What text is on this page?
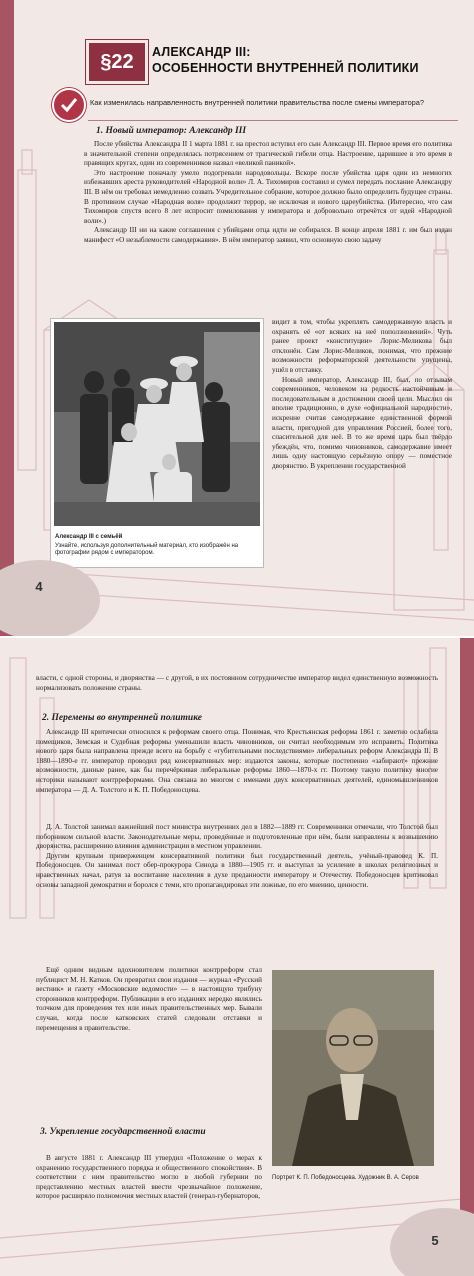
§22	АЛЕКСАНДР III:
ОСОБЕННОСТИ ВНУТРЕННЕЙ ПОЛИТИКИ
Как изменилась направленность внутренней политики правительства после смены императора?
1. Новый император: Александр III

После убийства Александра II 1 марта 1881 г. на престол вступил его сын Александр III. Первое время его политика в значительной степени определялась потрясением от трагической гибели отца. Настроение, царившее в это время в правящих кругах, один из современников назвал «великой паникой».

Это настроение поначалу умело подогревали народовольцы. Вскоре после убийства царя один из немногих избежавших ареста руководителей «Народной воли» Л. А. Тихомиров составил и сумел передать послание Александру III. В нём он требовал немедленно созвать Учредительное собрание, которое должно было определить будущее страны. В противном случае «Народная воля» продолжит террор, не исключая и нового цареубийства. (Интересно, что сам Тихомиров спустя всего 8 лет испросит помилования у императора и добровольно отречётся от идей «Народной воли».)

Александр III ни на какие соглашения с убийцами отца идти не собирался. В конце апреля 1881 г. им был издан манифест «О незыблемости самодержавия». В нём император заявил, что основную свою задачу

Александр III с семьёй
Узнайте, используя дополнительный материал, кто изображён на фотографии рядом с императором.

видит в том, чтобы укреплять самодержавную власть и охранять её «от всяких на неё поползновений». Чуть ранее проект «конституции» Лорис-Меликова был отклонён. Сам Лорис-Меликов, понимая, что прежние возможности реформаторской деятельности упущены, ушёл в отставку.

Новый император, Александр III, был, по отзывам современников, человеком на редкость настойчивым и последовательным в достижении своей цели. Мыслил он вполне традиционно, в духе «официальной народности», искренне считая самодержавие единственной формой власти, пригодной для управления Россией, более того, спасительной для неё. В то же время царь был твёрдо убеждён, что, помимо чиновников, самодержавие имеет лишь одну настоящую серьёзную опору — поместное дворянство. В укреплении государственной

4

власти, с одной стороны, и дворянства — с другой, в их постоянном сотрудничестве император видел единственную возможность нормализовать положение страны.

2. Перемены во внутренней политике

Александр III критически относился к реформам своего отца. Понимая, что Крестьянская реформа 1861 г. заметно ослабила помещиков, Земская и Судебная реформы уменьшили власть чиновников, он считал необходимым это исправить. Политика нового царя была направлена прежде всего на борьбу с «губительными последствиями» либеральных реформ Александра II. В 1880—1890-е гг. император проводил ряд консервативных мер: издаются законы, которые постепенно «забирают» прежние возможности, данные ранее, как бы перечёркивая либеральные реформы 1860—1870-х гг. Поэтому такую политику многие историки называют контрреформами. Она связана во многом с именами двух консервативных деятелей, единомышленников императора — Д. А. Толстого и К. П. Победоносцева.

Д. А. Толстой занимал важнейший пост министра внутренних дел в 1882—1889 гг. Современники отмечали, что Толстой был поборником сильной власти. Законодательные меры, проведённые и подготовленные при нём, были направлены к возвышению дворянства, расширению влияния администрации в местном управлении.

Другим крупным приверженцем консервативной политики был государственный деятель, учёный-правовед К. П. Победоносцев. Он занимал пост обер-прокурора Синода в 1880—1905 гг. и выступал за усиление в школах религиозных и нравственных начал, ратуя за воспитание населения в духе преданности императору и Отечеству. Победоносцев критиковал основы западной демократии и боролся с теми, кто пропагандировал эти ложные, по его мнению, ценности.

Ещё одним видным вдохновителем политики контрреформ стал публицист М. Н. Катков. Он превратил свои издания — журнал «Русский вестник» и газету «Московские ведомости» — в настоящую трибуну сторонников контрреформ. Публикации в его изданиях нередко являлись толчком для проведения тех или иных правительственных мер. Бывали случаи, когда после катковских статей следовали отставки и перемещения в правительстве.

3. Укрепление государственной власти

В августе 1881 г. Александр III утвердил «Положение о мерах к охранению государственного порядка и общественного спокойствия». В соответствии с ним правительство могло в любой губернии по представлению местных властей ввести чрезвычайное положение, которое расширяло полномочия местных властей (генерал-губернаторов,

Портрет К. П. Победоносцева. Художник В. А. Серов
5
